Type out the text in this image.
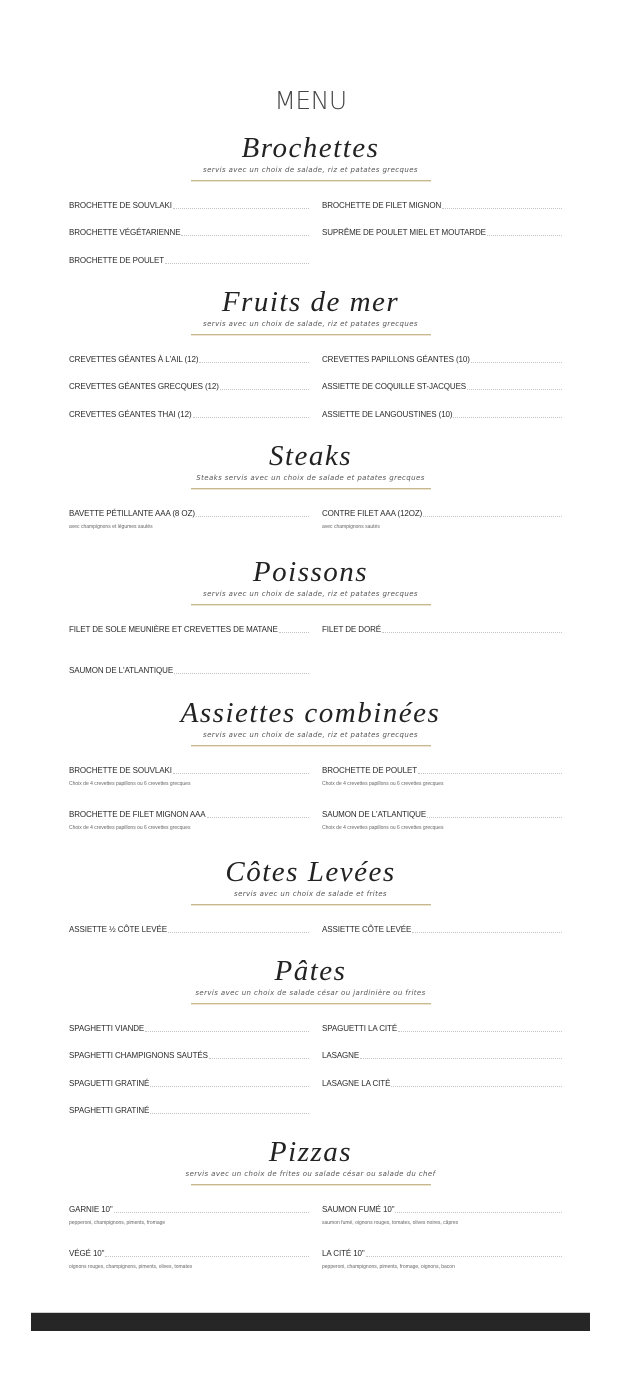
MENU
Brochettes
servis avec un choix de salade, riz et patates grecques
BROCHETTE DE SOUVLAKI	BROCHETTE DE FILET MIGNON
BROCHETTE VÉGÉTARIENNE	SUPRÊME DE POULET MIEL ET MOUTARDE
BROCHETTE DE POULET
Fruits de mer
servis avec un choix de salade, riz et patates grecques
CREVETTES GÉANTES À L'AIL (12)	CREVETTES PAPILLONS GÉANTES (10)
CREVETTES GÉANTES GRECQUES (12)	ASSIETTE DE COQUILLE ST-JACQUES
CREVETTES GÉANTES THAI (12)	ASSIETTE DE LANGOUSTINES (10)
Steaks
Steaks servis avec un choix de salade et patates grecques
BAVETTE PÉTILLANTE AAA (8 OZ)
avec champignons et légumes sautés
CONTRE FILET AAA (12OZ)
avec champignons sautés
Poissons
servis avec un choix de salade, riz et patates grecques
FILET DE SOLE MEUNIÈRE ET CREVETTES DE MATANE	FILET DE DORÉ
SAUMON DE L'ATLANTIQUE
Assiettes combinées
servis avec un choix de salade, riz et patates grecques
BROCHETTE DE SOUVLAKI
Choix de 4 crevettes papillons ou 6 crevettes grecques
BROCHETTE DE POULET
Choix de 4 crevettes papillons ou 6 crevettes grecques
BROCHETTE DE FILET MIGNON AAA
Choix de 4 crevettes papillons ou 6 crevettes grecques
SAUMON DE L'ATLANTIQUE
Choix de 4 crevettes papillons ou 6 crevettes grecques
Côtes Levées
servis avec un choix de salade et frites
ASSIETTE ½ CÔTE LEVÉE	ASSIETTE CÔTE LEVÉE
Pâtes
servis avec un choix de salade césar ou jardinière ou frites
SPAGHETTI VIANDE	SPAGUETTI LA CITÉ
SPAGHETTI CHAMPIGNONS SAUTÉS	LASAGNE
SPAGUETTI GRATINÉ	LASAGNE LA CITÉ
SPAGHETTI GRATINÉ
Pizzas
servis avec un choix de frites ou salade césar ou salade du chef
GARNIE 10"
pepperoni, champignons, piments, fromage
SAUMON FUMÉ 10"
saumon fumé, oignons rouges, tomates, olives noires, câpres
VÉGÉ 10"
oignons rouges, champignons, piments, olives, tomates
LA CITÉ 10"
pepperoni, champignons, piments, fromage, oignons, bacon
